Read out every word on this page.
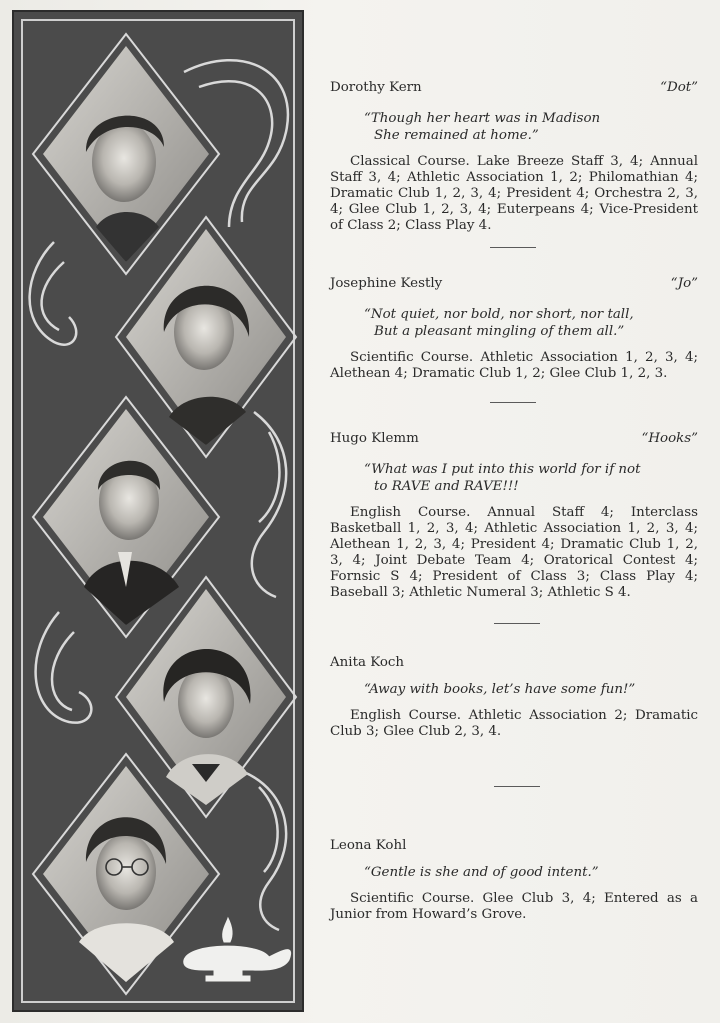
Dorothy Kern	“Dot”
“Though her heart was in Madison
She remained at home.”
Classical Course. Lake Breeze Staff 3, 4; Annual Staff 3, 4; Athletic Association 1, 2; Philomathian 4; Dramatic Club 1, 2, 3, 4; President 4; Orchestra 2, 3, 4; Glee Club 1, 2, 3, 4; Euterpeans 4; Vice-President of Class 2; Class Play 4.
Josephine Kestly	“Jo”
“Not quiet, nor bold, nor short, nor tall,
But a pleasant mingling of them all.”
Scientific Course. Athletic Association 1, 2, 3, 4; Alethean 4; Dramatic Club 1, 2; Glee Club 1, 2, 3.
Hugo Klemm	“Hooks”
“What was I put into this world for if not
to RAVE and RAVE!!!
English Course. Annual Staff 4; Interclass Basketball 1, 2, 3, 4; Athletic Association 1, 2, 3, 4; Alethean 1, 2, 3, 4; President 4; Dramatic Club 1, 2, 3, 4; Joint Debate Team 4; Oratorical Contest 4; Fornsic S 4; President of Class 3; Class Play 4; Baseball 3; Athletic Numeral 3; Athletic S 4.
Anita Koch
“Away with books, let’s have some fun!”
English Course. Athletic Association 2; Dramatic Club 3; Glee Club 2, 3, 4.
Leona Kohl
“Gentle is she and of good intent.”
Scientific Course. Glee Club 3, 4; Entered as a Junior from Howard’s Grove.
